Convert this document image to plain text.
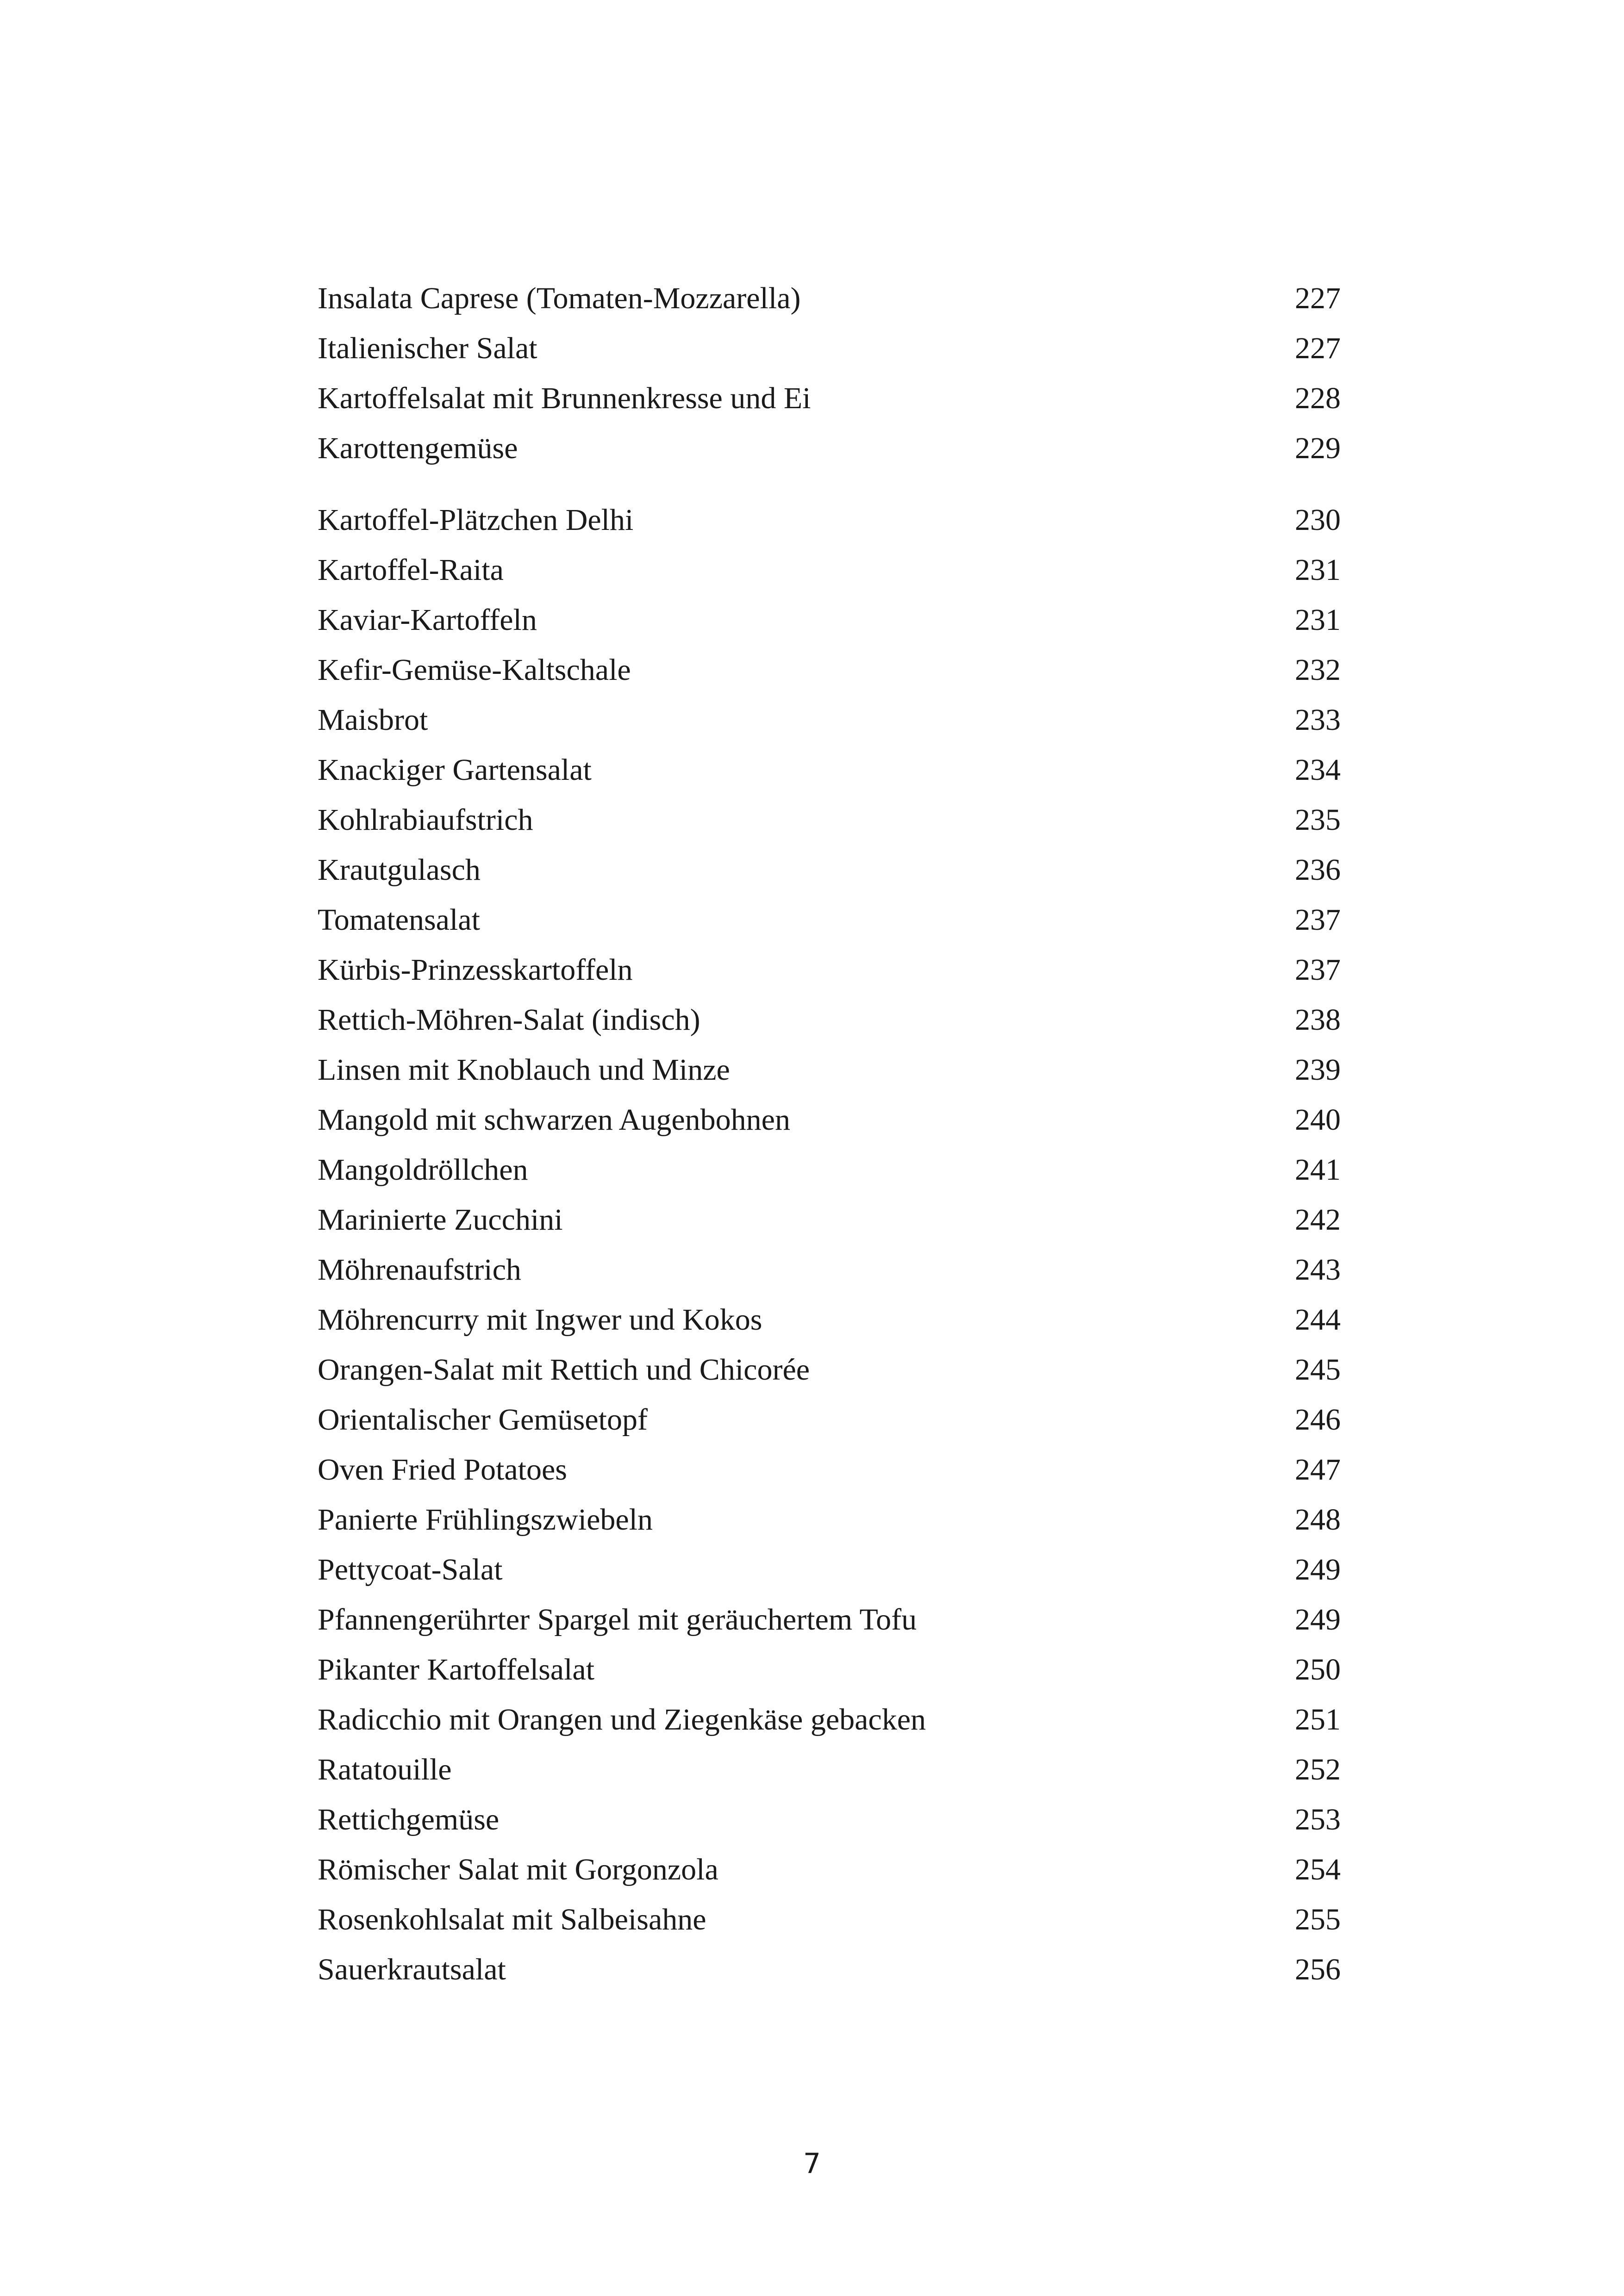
Insalata Caprese (Tomaten-Mozzarella)	227
Italienischer Salat	227
Kartoffelsalat mit Brunnenkresse und Ei	228
Karottengemüse	229
Kartoffel-Plätzchen Delhi	230
Kartoffel-Raita	231
Kaviar-Kartoffeln	231
Kefir-Gemüse-Kaltschale	232
Maisbrot	233
Knackiger Gartensalat	234
Kohlrabiaufstrich	235
Krautgulasch	236
Tomatensalat	237
Kürbis-Prinzesskartoffeln	237
Rettich-Möhren-Salat (indisch)	238
Linsen mit Knoblauch und Minze	239
Mangold mit schwarzen Augenbohnen	240
Mangoldröllchen	241
Marinierte Zucchini	242
Möhrenaufstrich	243
Möhrencurry mit Ingwer und Kokos	244
Orangen-Salat mit Rettich und Chicorée	245
Orientalischer Gemüsetopf	246
Oven Fried Potatoes	247
Panierte Frühlingszwiebeln	248
Pettycoat-Salat	249
Pfannengerührter Spargel mit geräuchertem Tofu	249
Pikanter Kartoffelsalat	250
Radicchio mit Orangen und Ziegenkäse gebacken	251
Ratatouille	252
Rettichgemüse	253
Römischer Salat mit Gorgonzola	254
Rosenkohlsalat mit Salbeisahne	255
Sauerkrautsalat	256
7
